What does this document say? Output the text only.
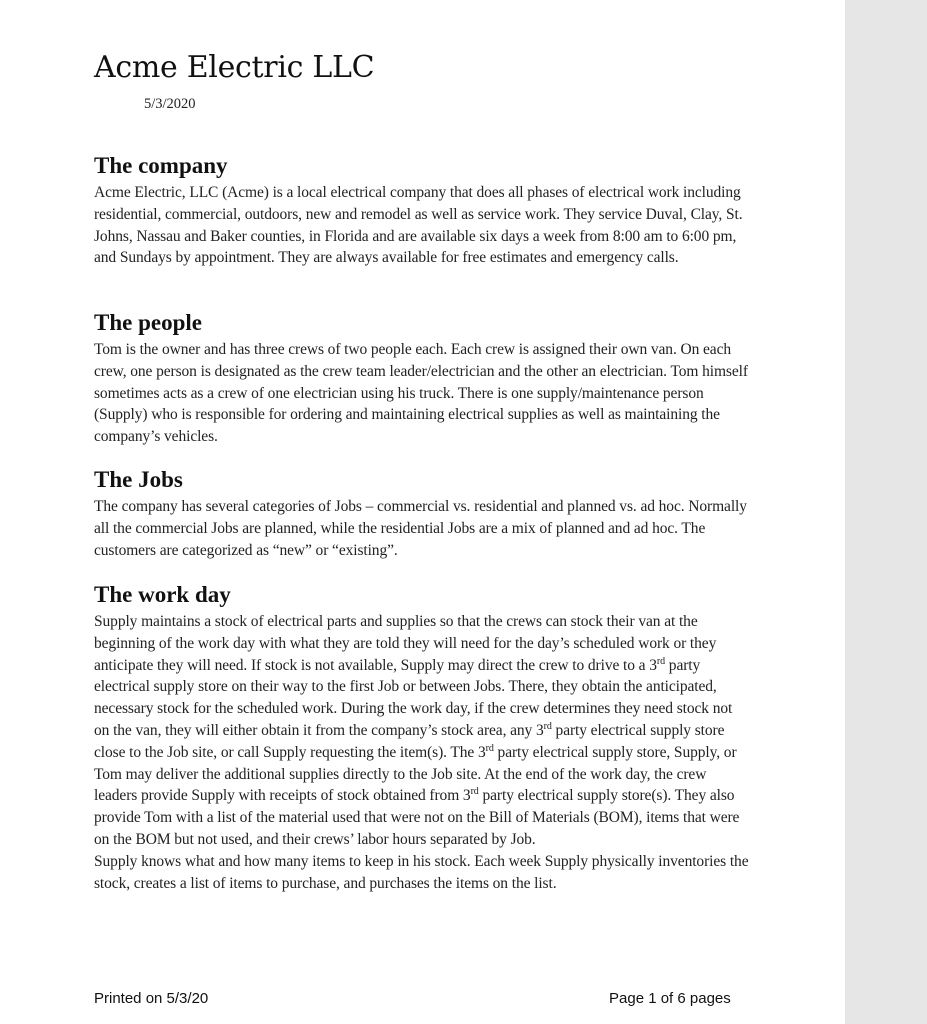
Acme Electric LLC
5/3/2020
The company

Acme Electric, LLC (Acme) is a local electrical company that does all phases of electrical work including residential, commercial, outdoors, new and remodel as well as service work. They service Duval, Clay, St. Johns, Nassau and Baker counties, in Florida and are available six days a week from 8:00 am to 6:00 pm, and Sundays by appointment. They are always available for free estimates and emergency calls.

The people

Tom is the owner and has three crews of two people each. Each crew is assigned their own van. On each crew, one person is designated as the crew team leader/electrician and the other an electrician. Tom himself sometimes acts as a crew of one electrician using his truck. There is one supply/maintenance person (Supply) who is responsible for ordering and maintaining electrical supplies as well as maintaining the company’s vehicles.

The Jobs

The company has several categories of Jobs – commercial vs. residential and planned vs. ad hoc. Normally all the commercial Jobs are planned, while the residential Jobs are a mix of planned and ad hoc. The customers are categorized as “new” or “existing”.

The work day

Supply maintains a stock of electrical parts and supplies so that the crews can stock their van at the beginning of the work day with what they are told they will need for the day’s scheduled work or they anticipate they will need. If stock is not available, Supply may direct the crew to drive to a 3rd party electrical supply store on their way to the first Job or between Jobs. There, they obtain the anticipated, necessary stock for the scheduled work. During the work day, if the crew determines they need stock not on the van, they will either obtain it from the company’s stock area, any 3rd party electrical supply store close to the Job site, or call Supply requesting the item(s). The 3rd party electrical supply store, Supply, or Tom may deliver the additional supplies directly to the Job site. At the end of the work day, the crew leaders provide Supply with receipts of stock obtained from 3rd party electrical supply store(s). They also provide Tom with a list of the material used that were not on the Bill of Materials (BOM), items that were on the BOM but not used, and their crews’ labor hours separated by Job.

Supply knows what and how many items to keep in his stock. Each week Supply physically inventories the stock, creates a list of items to purchase, and purchases the items on the list.

Printed on 5/3/20	Page 1 of 6 pages
